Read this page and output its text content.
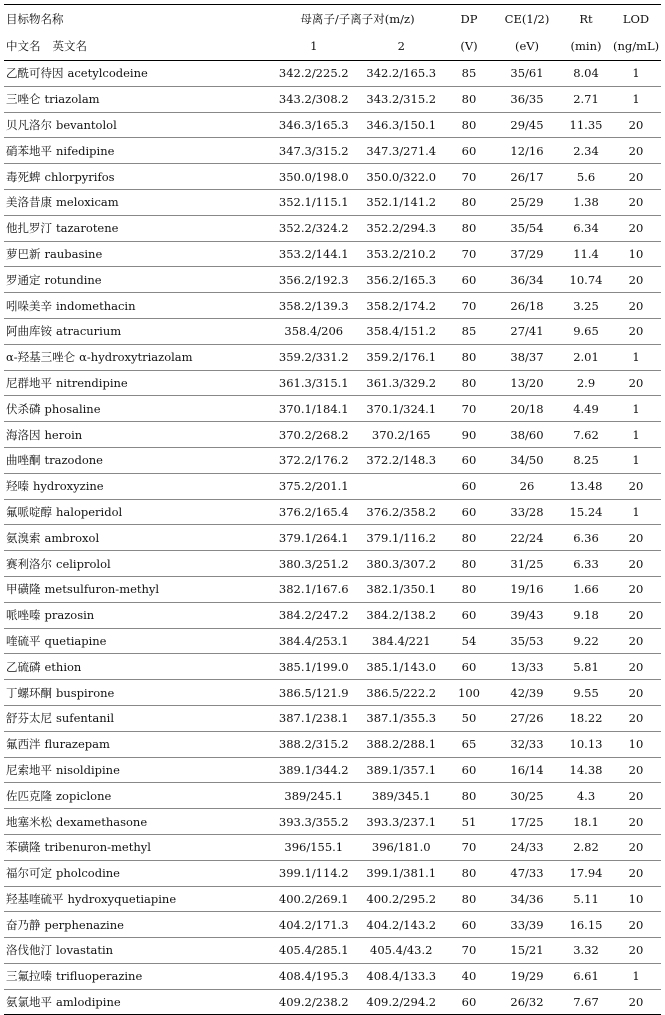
目标物名称	母离子/子离子对(m/z)		DP	CE(1/2)	Rt	LOD
中文名 英文名	1	2	(V)	(eV)	(min)	(ng/mL)
乙酰可待因 acetylcodeine	342.2/225.2	342.2/165.3	85	35/61	8.04	1
三唑仑 triazolam	343.2/308.2	343.2/315.2	80	36/35	2.71	1
贝凡洛尔 bevantolol	346.3/165.3	346.3/150.1	80	29/45	11.35	20
硝苯地平 nifedipine	347.3/315.2	347.3/271.4	60	12/16	2.34	20
毒死蜱 chlorpyrifos	350.0/198.0	350.0/322.0	70	26/17	5.6	20
美洛昔康 meloxicam	352.1/115.1	352.1/141.2	80	25/29	1.38	20
他扎罗汀 tazarotene	352.2/324.2	352.2/294.3	80	35/54	6.34	20
萝巴新 raubasine	353.2/144.1	353.2/210.2	70	37/29	11.4	10
罗通定 rotundine	356.2/192.3	356.2/165.3	60	36/34	10.74	20
吲哚美辛 indomethacin	358.2/139.3	358.2/174.2	70	26/18	3.25	20
阿曲库铵 atracurium	358.4/206	358.4/151.2	85	27/41	9.65	20
α-羟基三唑仑 α-hydroxytriazolam	359.2/331.2	359.2/176.1	80	38/37	2.01	1
尼群地平 nitrendipine	361.3/315.1	361.3/329.2	80	13/20	2.9	20
伏杀磷 phosaline	370.1/184.1	370.1/324.1	70	20/18	4.49	1
海洛因 heroin	370.2/268.2	370.2/165	90	38/60	7.62	1
曲唑酮 trazodone	372.2/176.2	372.2/148.3	60	34/50	8.25	1
羟嗪 hydroxyzine	375.2/201.1		60	26	13.48	20
氟哌啶醇 haloperidol	376.2/165.4	376.2/358.2	60	33/28	15.24	1
氨溴索 ambroxol	379.1/264.1	379.1/116.2	80	22/24	6.36	20
赛利洛尔 celiprolol	380.3/251.2	380.3/307.2	80	31/25	6.33	20
甲磺隆 metsulfuron-methyl	382.1/167.6	382.1/350.1	80	19/16	1.66	20
哌唑嗪 prazosin	384.2/247.2	384.2/138.2	60	39/43	9.18	20
喹硫平 quetiapine	384.4/253.1	384.4/221	54	35/53	9.22	20
乙硫磷 ethion	385.1/199.0	385.1/143.0	60	13/33	5.81	20
丁螺环酮 buspirone	386.5/121.9	386.5/222.2	100	42/39	9.55	20
舒芬太尼 sufentanil	387.1/238.1	387.1/355.3	50	27/26	18.22	20
氟西泮 flurazepam	388.2/315.2	388.2/288.1	65	32/33	10.13	10
尼索地平 nisoldipine	389.1/344.2	389.1/357.1	60	16/14	14.38	20
佐匹克隆 zopiclone	389/245.1	389/345.1	80	30/25	4.3	20
地塞米松 dexamethasone	393.3/355.2	393.3/237.1	51	17/25	18.1	20
苯磺隆 tribenuron-methyl	396/155.1	396/181.0	70	24/33	2.82	20
福尔可定 pholcodine	399.1/114.2	399.1/381.1	80	47/33	17.94	20
羟基喹硫平 hydroxyquetiapine	400.2/269.1	400.2/295.2	80	34/36	5.11	10
奋乃静 perphenazine	404.2/171.3	404.2/143.2	60	33/39	16.15	20
洛伐他汀 lovastatin	405.4/285.1	405.4/43.2	70	15/21	3.32	20
三氟拉嗪 trifluoperazine	408.4/195.3	408.4/133.3	40	19/29	6.61	1
氨氯地平 amlodipine	409.2/238.2	409.2/294.2	60	26/32	7.67	20
